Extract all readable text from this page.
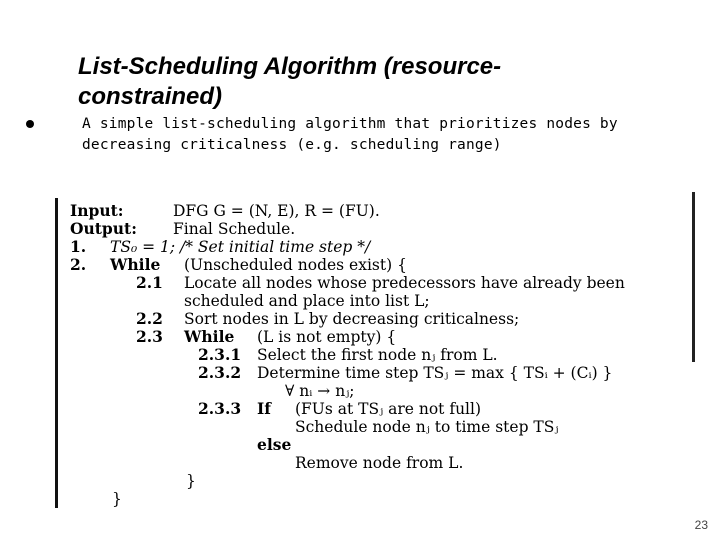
List-Scheduling Algorithm (resource-constrained)
A simple list-scheduling algorithm that prioritizes nodes by decreasing criticalness (e.g. scheduling range)
Input:	DFG G = (N, E), R = (FU).
Output: Final Schedule.
1. TS₀ = 1; /* Set initial time step */
2. While (Unscheduled nodes exist) {
2.1 Locate all nodes whose predecessors have already been
scheduled and place into list L;
2.2 Sort nodes in L by decreasing criticalness;
2.3 While (L is not empty) {
2.3.1 Select the first node nⱼ from L.
2.3.2 Determine time step TSⱼ = max { TSᵢ + (Cᵢ) }
∀ nᵢ → nⱼ;
2.3.3 If (FUs at TSⱼ are not full)
Schedule node nⱼ to time step TSⱼ
else
Remove node from L.
}
}
23
